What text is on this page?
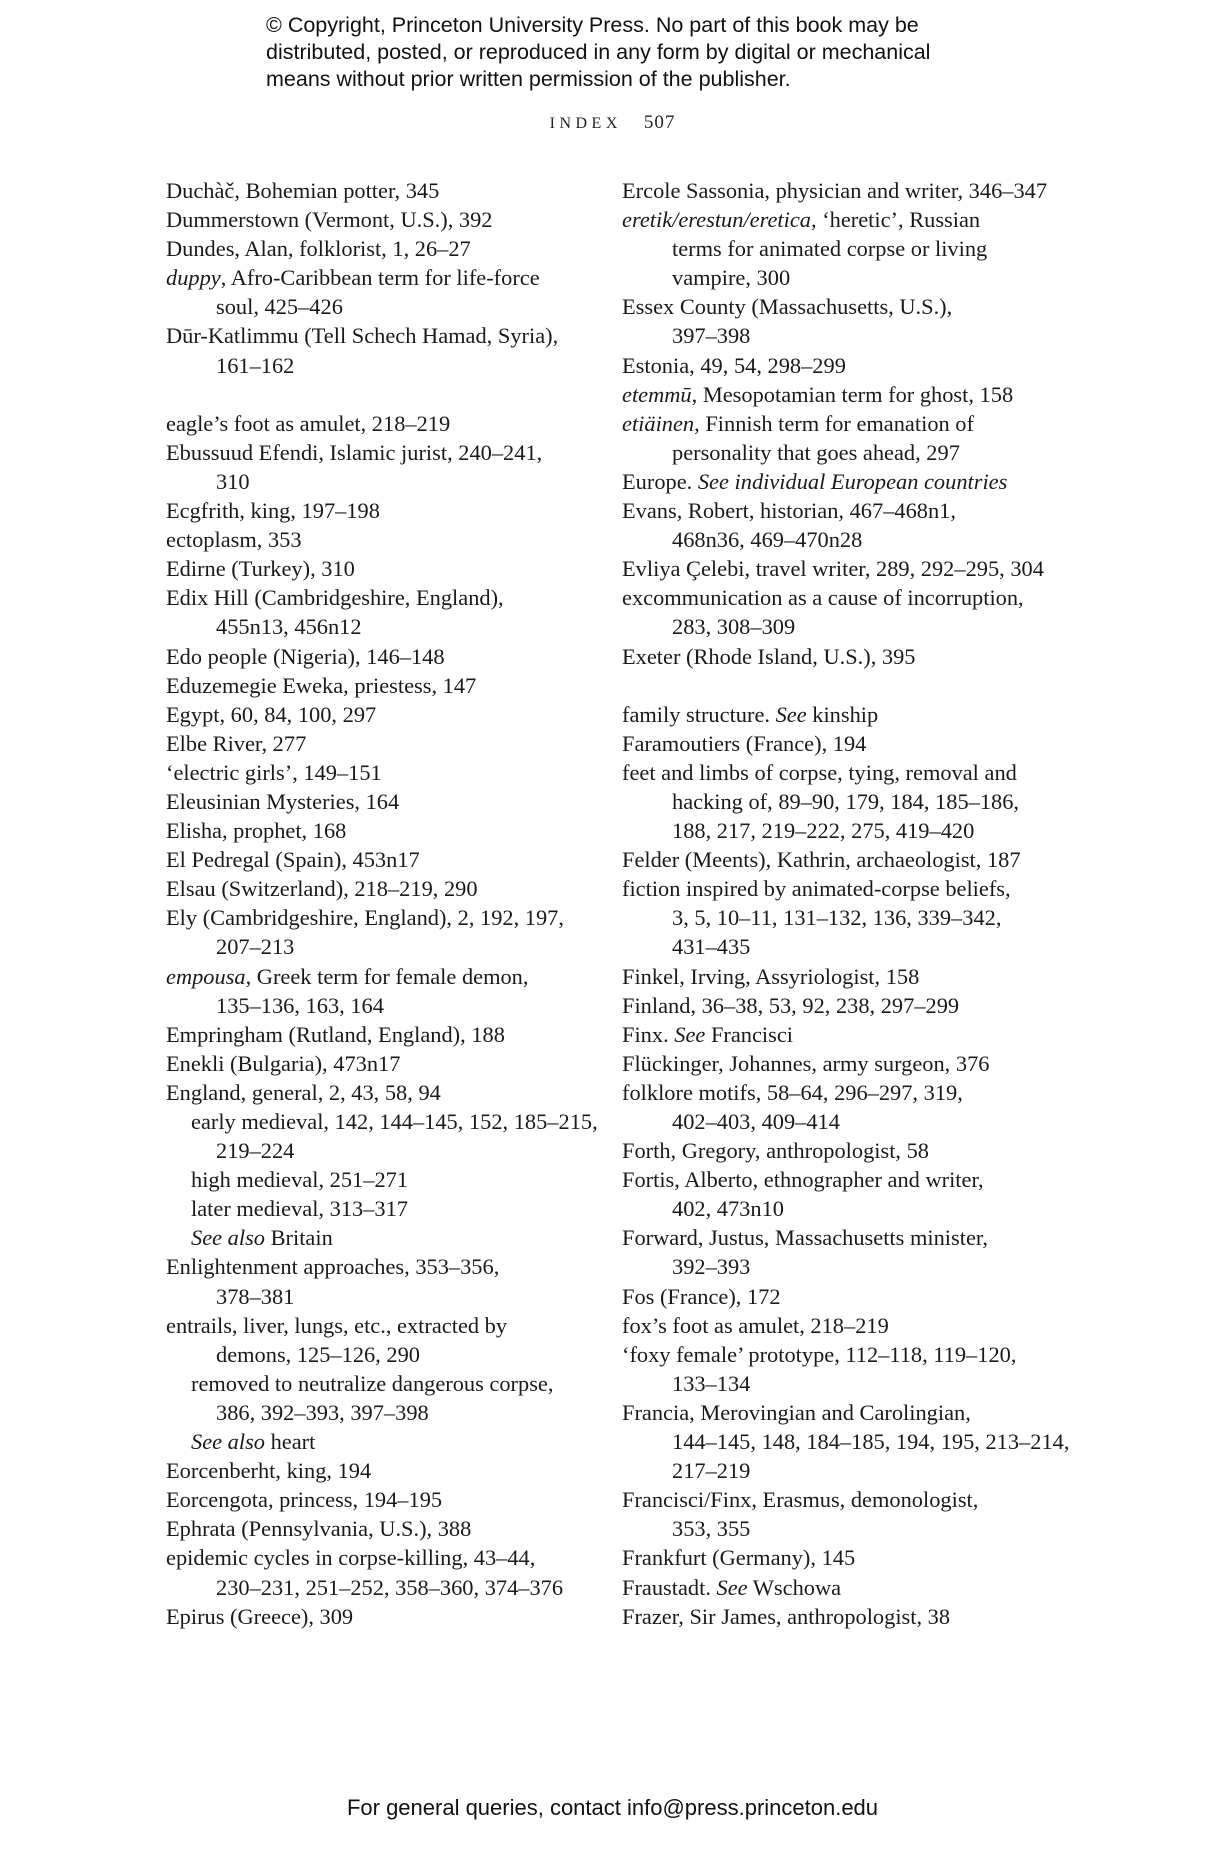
© Copyright, Princeton University Press. No part of this book may be

distributed, posted, or reproduced in any form by digital or mechanical

means without prior written permission of the publisher.

INDEX 507
Duchàč, Bohemian potter, 345
Dummerstown (Vermont, U.S.), 392
Dundes, Alan, folklorist, 1, 26–27
duppy, Afro-Caribbean term for life-force
soul, 425–426
Dūr-Katlimmu (Tell Schech Hamad, Syria),
161–162
eagle’s foot as amulet, 218–219
Ebussuud Efendi, Islamic jurist, 240–241,
310
Ecgfrith, king, 197–198
ectoplasm, 353
Edirne (Turkey), 310
Edix Hill (Cambridgeshire, England),
455n13, 456n12
Edo people (Nigeria), 146–148
Eduzemegie Eweka, priestess, 147
Egypt, 60, 84, 100, 297
Elbe River, 277
‘electric girls’, 149–151
Eleusinian Mysteries, 164
Elisha, prophet, 168
El Pedregal (Spain), 453n17
Elsau (Switzerland), 218–219, 290
Ely (Cambridgeshire, England), 2, 192, 197,
207–213
empousa, Greek term for female demon,
135–136, 163, 164
Empringham (Rutland, England), 188
Enekli (Bulgaria), 473n17
England, general, 2, 43, 58, 94
early medieval, 142, 144–145, 152, 185–215,
219–224
high medieval, 251–271
later medieval, 313–317
See also Britain
Enlightenment approaches, 353–356,
378–381
entrails, liver, lungs, etc., extracted by
demons, 125–126, 290
removed to neutralize dangerous corpse,
386, 392–393, 397–398
See also heart
Eorcenberht, king, 194
Eorcengota, princess, 194–195
Ephrata (Pennsylvania, U.S.), 388
epidemic cycles in corpse-killing, 43–44,
230–231, 251–252, 358–360, 374–376
Epirus (Greece), 309
Ercole Sassonia, physician and writer, 346–347
eretik/erestun/eretica, ‘heretic’, Russian
terms for animated corpse or living
vampire, 300
Essex County (Massachusetts, U.S.),
397–398
Estonia, 49, 54, 298–299
etemmū, Mesopotamian term for ghost, 158
etiäinen, Finnish term for emanation of
personality that goes ahead, 297
Europe. See individual European countries
Evans, Robert, historian, 467–468n1,
468n36, 469–470n28
Evliya Çelebi, travel writer, 289, 292–295, 304
excommunication as a cause of incorruption,
283, 308–309
Exeter (Rhode Island, U.S.), 395
family structure. See kinship
Faramoutiers (France), 194
feet and limbs of corpse, tying, removal and
hacking of, 89–90, 179, 184, 185–186,
188, 217, 219–222, 275, 419–420
Felder (Meents), Kathrin, archaeologist, 187
fiction inspired by animated-corpse beliefs,
3, 5, 10–11, 131–132, 136, 339–342,
431–435
Finkel, Irving, Assyriologist, 158
Finland, 36–38, 53, 92, 238, 297–299
Finx. See Francisci
Flückinger, Johannes, army surgeon, 376
folklore motifs, 58–64, 296–297, 319,
402–403, 409–414
Forth, Gregory, anthropologist, 58
Fortis, Alberto, ethnographer and writer,
402, 473n10
Forward, Justus, Massachusetts minister,
392–393
Fos (France), 172
fox’s foot as amulet, 218–219
‘foxy female’ prototype, 112–118, 119–120,
133–134
Francia, Merovingian and Carolingian,
144–145, 148, 184–185, 194, 195, 213–214,
217–219
Francisci/Finx, Erasmus, demonologist,
353, 355
Frankfurt (Germany), 145
Fraustadt. See Wschowa
Frazer, Sir James, anthropologist, 38
For general queries, contact info@press.princeton.edu
